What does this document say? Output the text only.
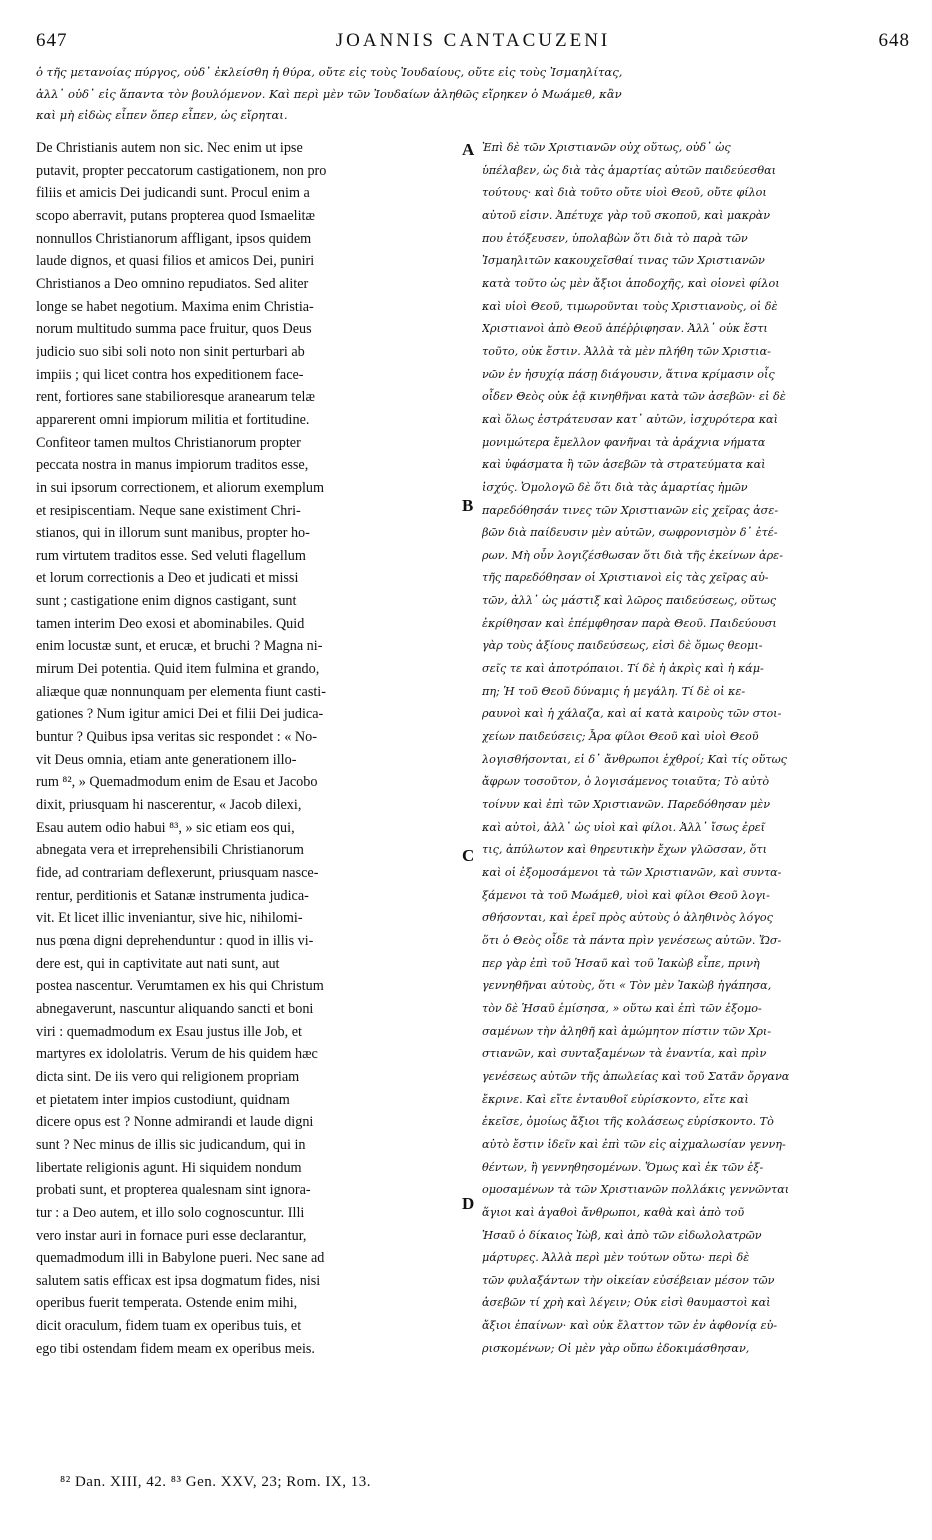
647	JOANNIS CANTACUZENI	648
ὁ τῆς μετανοίας πύργος, οὐδ᾽ ἐκλείσθη ἡ θύρα, οὔτε εἰς τοὺς Ἰουδαίους, οὔτε εἰς τοὺς Ἰσμαηλίτας,
ἀλλ᾽ οὐδ᾽ εἰς ἅπαντα τὸν βουλόμενον. Καὶ περὶ μὲν τῶν Ἰουδαίων ἀληθῶς εἴρηκεν ὁ Μωάμεθ, κἂν
καὶ μὴ εἰδὼς εἶπεν ὅπερ εἶπεν, ὡς εἴρηται.
De Christianis autem non sic. Nec enim ut ipse
putavit, propter peccatorum castigationem, non pro
filiis et amicis Dei judicandi sunt. Procul enim a
scopo aberravit, putans propterea quod Ismaelitæ
nonnullos Christianorum affligant, ipsos quidem
laude dignos, et quasi filios et amicos Dei, puniri
Christianos a Deo omnino repudiatos. Sed aliter
longe se habet negotium. Maxima enim Christia-
norum multitudo summa pace fruitur, quos Deus
judicio suo sibi soli noto non sinit perturbari ab
impiis ; qui licet contra hos expeditionem face-
rent, fortiores sane stabilioresque aranearum telæ
apparerent omni impiorum militia et fortitudine.
Confiteor tamen multos Christianorum propter
peccata nostra in manus impiorum traditos esse,
in sui ipsorum correctionem, et aliorum exemplum
et resipiscentiam. Neque sane existiment Chri-
stianos, qui in illorum sunt manibus, propter ho-
rum virtutem traditos esse. Sed veluti flagellum
et lorum correctionis a Deo et judicati et missi
sunt ; castigatione enim dignos castigant, sunt
tamen interim Deo exosi et abominabiles. Quid
enim locustæ sunt, et erucæ, et bruchi ? Magna ni-
mirum Dei potentia. Quid item fulmina et grando,
aliæque quæ nonnunquam per elementa fiunt casti-
gationes ? Num igitur amici Dei et filii Dei judica-
buntur ? Quibus ipsa veritas sic respondet : « No-
vit Deus omnia, etiam ante generationem illo-
rum ⁸², » Quemadmodum enim de Esau et Jacobo
dixit, priusquam hi nascerentur, « Jacob dilexi,
Esau autem odio habui ⁸³, » sic etiam eos qui,
abnegata vera et irreprehensibili Christianorum
fide, ad contrariam deflexerunt, priusquam nasce-
rentur, perditionis et Satanæ instrumenta judica-
vit. Et licet illic inveniantur, sive hic, nihilomi-
nus pœna digni deprehenduntur : quod in illis vi-
dere est, qui in captivitate aut nati sunt, aut
postea nascentur. Verumtamen ex his qui Christum
abnegaverunt, nascuntur aliquando sancti et boni
viri : quemadmodum ex Esau justus ille Job, et
martyres ex idololatris. Verum de his quidem hæc
dicta sint. De iis vero qui religionem propriam
et pietatem inter impios custodiunt, quidnam
dicere opus est ? Nonne admirandi et laude digni
sunt ? Nec minus de illis sic judicandum, qui in
libertate religionis agunt. Hi siquidem nondum
probati sunt, et propterea qualesnam sint ignora-
tur : a Deo autem, et illo solo cognoscuntur. Illi
vero instar auri in fornace puri esse declarantur,
quemadmodum illi in Babylone pueri. Nec sane ad
salutem satis efficax est ipsa dogmatum fides, nisi
operibus fuerit temperata. Ostende enim mihi,
dicit oraculum, fidem tuam ex operibus tuis, et
ego tibi ostendam fidem meam ex operibus meis.
Ἐπὶ δὲ τῶν Χριστιανῶν οὐχ οὕτως, οὐδ᾽ ὡς
ὑπέλαβεν, ὡς διὰ τὰς ἁμαρτίας αὐτῶν παιδεύεσθαι
τούτους· καὶ διὰ τοῦτο οὔτε υἱοὶ Θεοῦ, οὔτε φίλοι
αὐτοῦ εἰσιν. Ἀπέτυχε γὰρ τοῦ σκοποῦ, καὶ μακρὰν
που ἐτόξευσεν, ὑπολαβὼν ὅτι διὰ τὸ παρὰ τῶν
Ἰσμαηλιτῶν κακουχεῖσθαί τινας τῶν Χριστιανῶν
κατὰ τοῦτο ὡς μὲν ἄξιοι ἀποδοχῆς, καὶ οἱονεὶ φίλοι
καὶ υἱοὶ Θεοῦ, τιμωροῦνται τοὺς Χριστιανοὺς, οἱ δὲ
Χριστιανοὶ ἀπὸ Θεοῦ ἀπέῤῥιφησαν. Ἀλλ᾽ οὐκ ἔστι
τοῦτο, οὐκ ἔστιν. Ἀλλὰ τὰ μὲν πλήθη τῶν Χριστια-
νῶν ἐν ἡσυχίᾳ πάσῃ διάγουσιν, ἅτινα κρίμασιν οἷς
οἶδεν Θεὸς οὐκ ἐᾷ κινηθῆναι κατὰ τῶν ἀσεβῶν· εἰ δὲ
καὶ ὅλως ἐστράτευσαν κατ᾽ αὐτῶν, ἰσχυρότερα καὶ
μονιμώτερα ἔμελλον φανῆναι τὰ ἀράχνια νήματα
καὶ ὑφάσματα ἢ τῶν ἀσεβῶν τὰ στρατεύματα καὶ
ἰσχύς. Ὁμολογῶ δὲ ὅτι διὰ τὰς ἁμαρτίας ἡμῶν
παρεδόθησάν τινες τῶν Χριστιανῶν εἰς χεῖρας ἀσε-
βῶν διὰ παίδευσιν μὲν αὐτῶν, σωφρονισμὸν δ᾽ ἑτέ-
ρων. Μὴ οὖν λογιζέσθωσαν ὅτι διὰ τῆς ἐκείνων ἀρε-
τῆς παρεδόθησαν οἱ Χριστιανοὶ εἰς τὰς χεῖρας αὐ-
τῶν, ἀλλ᾽ ὡς μάστιξ καὶ λῶρος παιδεύσεως, οὕτως
ἐκρίθησαν καὶ ἐπέμφθησαν παρὰ Θεοῦ. Παιδεύουσι
γὰρ τοὺς ἀξίους παιδεύσεως, εἰσὶ δὲ ὅμως θεομι-
σεῖς τε καὶ ἀποτρόπαιοι. Τί δὲ ἡ ἀκρὶς καὶ ἡ κάμ-
πη; Ἡ τοῦ Θεοῦ δύναμις ἡ μεγάλη. Τί δὲ οἱ κε-
ραυνοὶ καὶ ἡ χάλαζα, καὶ αἱ κατὰ καιροὺς τῶν στοι-
χείων παιδεύσεις; Ἆρα φίλοι Θεοῦ καὶ υἱοὶ Θεοῦ
λογισθήσονται, εἰ δ᾽ ἄνθρωποι ἐχθροί; Καὶ τίς οὕτως
ἄφρων τοσοῦτον, ὁ λογισάμενος τοιαῦτα; Τὸ αὐτὸ
τοίνυν καὶ ἐπὶ τῶν Χριστιανῶν. Παρεδόθησαν μὲν
καὶ αὐτοὶ, ἀλλ᾽ ὡς υἱοὶ καὶ φίλοι. Ἀλλ᾽ ἴσως ἐρεῖ
τις, ἀπύλωτον καὶ θηρευτικὴν ἔχων γλῶσσαν, ὅτι
καὶ οἱ ἐξομοσάμενοι τὰ τῶν Χριστιανῶν, καὶ συντα-
ξάμενοι τὰ τοῦ Μωάμεθ, υἱοὶ καὶ φίλοι Θεοῦ λογι-
σθήσονται, καὶ ἐρεῖ πρὸς αὐτοὺς ὁ ἀληθινὸς λόγος
ὅτι ὁ Θεὸς οἶδε τὰ πάντα πρὶν γενέσεως αὐτῶν. Ὥσ-
περ γὰρ ἐπὶ τοῦ Ἡσαῦ καὶ τοῦ Ἰακὼβ εἶπε, πρινὴ
γεννηθῆναι αὐτοὺς, ὅτι « Τὸν μὲν Ἰακὼβ ἠγάπησα,
τὸν δὲ Ἡσαῦ ἐμίσησα, » οὕτω καὶ ἐπὶ τῶν ἐξομο-
σαμένων τὴν ἀληθῆ καὶ ἀμώμητον πίστιν τῶν Χρι-
στιανῶν, καὶ συνταξαμένων τὰ ἐναντία, καὶ πρὶν
γενέσεως αὐτῶν τῆς ἀπωλείας καὶ τοῦ Σατᾶν ὄργανα
ἔκρινε. Καὶ εἴτε ἐνταυθοῖ εὑρίσκοντο, εἴτε καὶ
ἐκεῖσε, ὁμοίως ἄξιοι τῆς κολάσεως εὑρίσκοντο. Τὸ
αὐτὸ ἔστιν ἰδεῖν καὶ ἐπὶ τῶν εἰς αἰχμαλωσίαν γεννη-
θέντων, ἢ γεννηθησομένων. Ὅμως καὶ ἐκ τῶν ἐξ-
ομοσαμένων τὰ τῶν Χριστιανῶν πολλάκις γεννῶνται
ἅγιοι καὶ ἀγαθοὶ ἄνθρωποι, καθὰ καὶ ἀπὸ τοῦ
Ἡσαῦ ὁ δίκαιος Ἰὼβ, καὶ ἀπὸ τῶν εἰδωλολατρῶν
μάρτυρες. Ἀλλὰ περὶ μὲν τούτων οὕτω· περὶ δὲ
τῶν φυλαξάντων τὴν οἰκείαν εὐσέβειαν μέσον τῶν
ἀσεβῶν τί χρὴ καὶ λέγειν; Οὐκ εἰσὶ θαυμαστοὶ καὶ
ἄξιοι ἐπαίνων· καὶ οὐκ ἔλαττον τῶν ἐν ἀφθονίᾳ εὑ-
ρισκομένων; Οἱ μὲν γὰρ οὔπω ἐδοκιμάσθησαν,
A
B
C
D
⁸² Dan. XIII, 42. ⁸³ Gen. XXV, 23; Rom. IX, 13.
